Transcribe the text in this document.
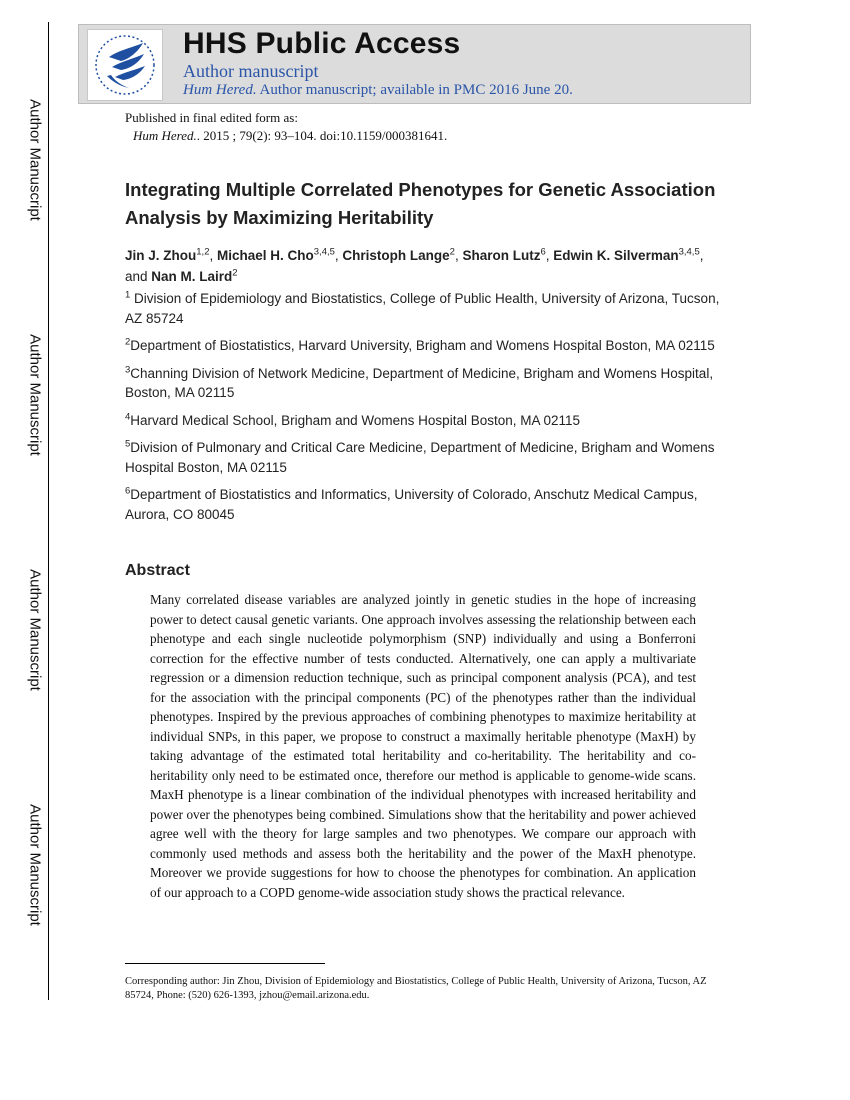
Author Manuscript
Author Manuscript
Author Manuscript
Author Manuscript
HHS Public Access
Author manuscript
Hum Hered. Author manuscript; available in PMC 2016 June 20.
Published in final edited form as:
Hum Hered.. 2015 ; 79(2): 93–104. doi:10.1159/000381641.
Integrating Multiple Correlated Phenotypes for Genetic Association Analysis by Maximizing Heritability
Jin J. Zhou$^{1,2}$, Michael H. Cho$^{3,4,5}$, Christoph Lange$^2$, Sharon Lutz$^6$, Edwin K. Silverman$^{3,4,5}$, and Nan M. Laird$^2$

$^1$ Division of Epidemiology and Biostatistics, College of Public Health, University of Arizona, Tucson, AZ 85724

$^2$Department of Biostatistics, Harvard University, Brigham and Womens Hospital Boston, MA 02115

$^3$Channing Division of Network Medicine, Department of Medicine, Brigham and Womens Hospital, Boston, MA 02115

$^4$Harvard Medical School, Brigham and Womens Hospital Boston, MA 02115

$^5$Division of Pulmonary and Critical Care Medicine, Department of Medicine, Brigham and Womens Hospital Boston, MA 02115

$^6$Department of Biostatistics and Informatics, University of Colorado, Anschutz Medical Campus, Aurora, CO 80045

Abstract

Many correlated disease variables are analyzed jointly in genetic studies in the hope of increasing power to detect causal genetic variants. One approach involves assessing the relationship between each phenotype and each single nucleotide polymorphism (SNP) individually and using a Bonferroni correction for the effective number of tests conducted. Alternatively, one can apply a multivariate regression or a dimension reduction technique, such as principal component analysis (PCA), and test for the association with the principal components (PC) of the phenotypes rather than the individual phenotypes. Inspired by the previous approaches of combining phenotypes to maximize heritability at individual SNPs, in this paper, we propose to construct a maximally heritable phenotype (MaxH) by taking advantage of the estimated total heritability and co-heritability. The heritability and co-heritability only need to be estimated once, therefore our method is applicable to genome-wide scans. MaxH phenotype is a linear combination of the individual phenotypes with increased heritability and power over the phenotypes being combined. Simulations show that the heritability and power achieved agree well with the theory for large samples and two phenotypes. We compare our approach with commonly used methods and assess both the heritability and the power of the MaxH phenotype. Moreover we provide suggestions for how to choose the phenotypes for combination. An application of our approach to a COPD genome-wide association study shows the practical relevance.

Corresponding author: Jin Zhou, Division of Epidemiology and Biostatistics, College of Public Health, University of Arizona, Tucson, AZ 85724, Phone: (520) 626-1393, jzhou@email.arizona.edu.
